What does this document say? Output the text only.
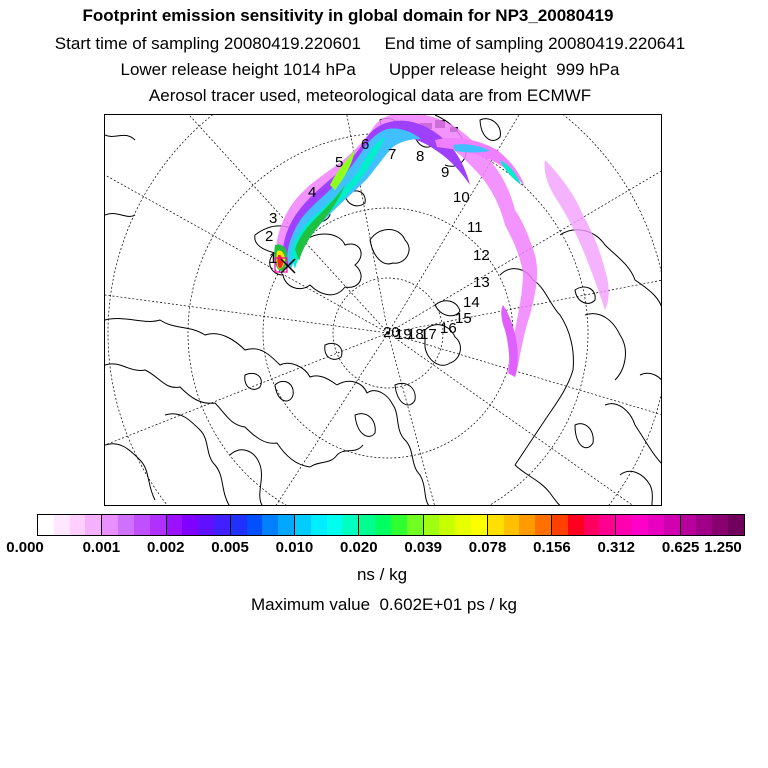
Footprint emission sensitivity in global domain for NP3_20080419
Start time of sampling 20080419.220601     End time of sampling 20080419.220641
Lower release height 1014 hPa       Upper release height  999 hPa
Aerosol tracer used, meteorological data are from ECMWF
1
2
3
4
5
6
7 8
9
10
11
12
13
14
15
16
17
18
19
20
0.000	0.001 0.002 0.005 0.010 0.020 0.039 0.078 0.156 0.312 0.625 1.250
ns / kg
Maximum value  0.602E+01 ps / kg
